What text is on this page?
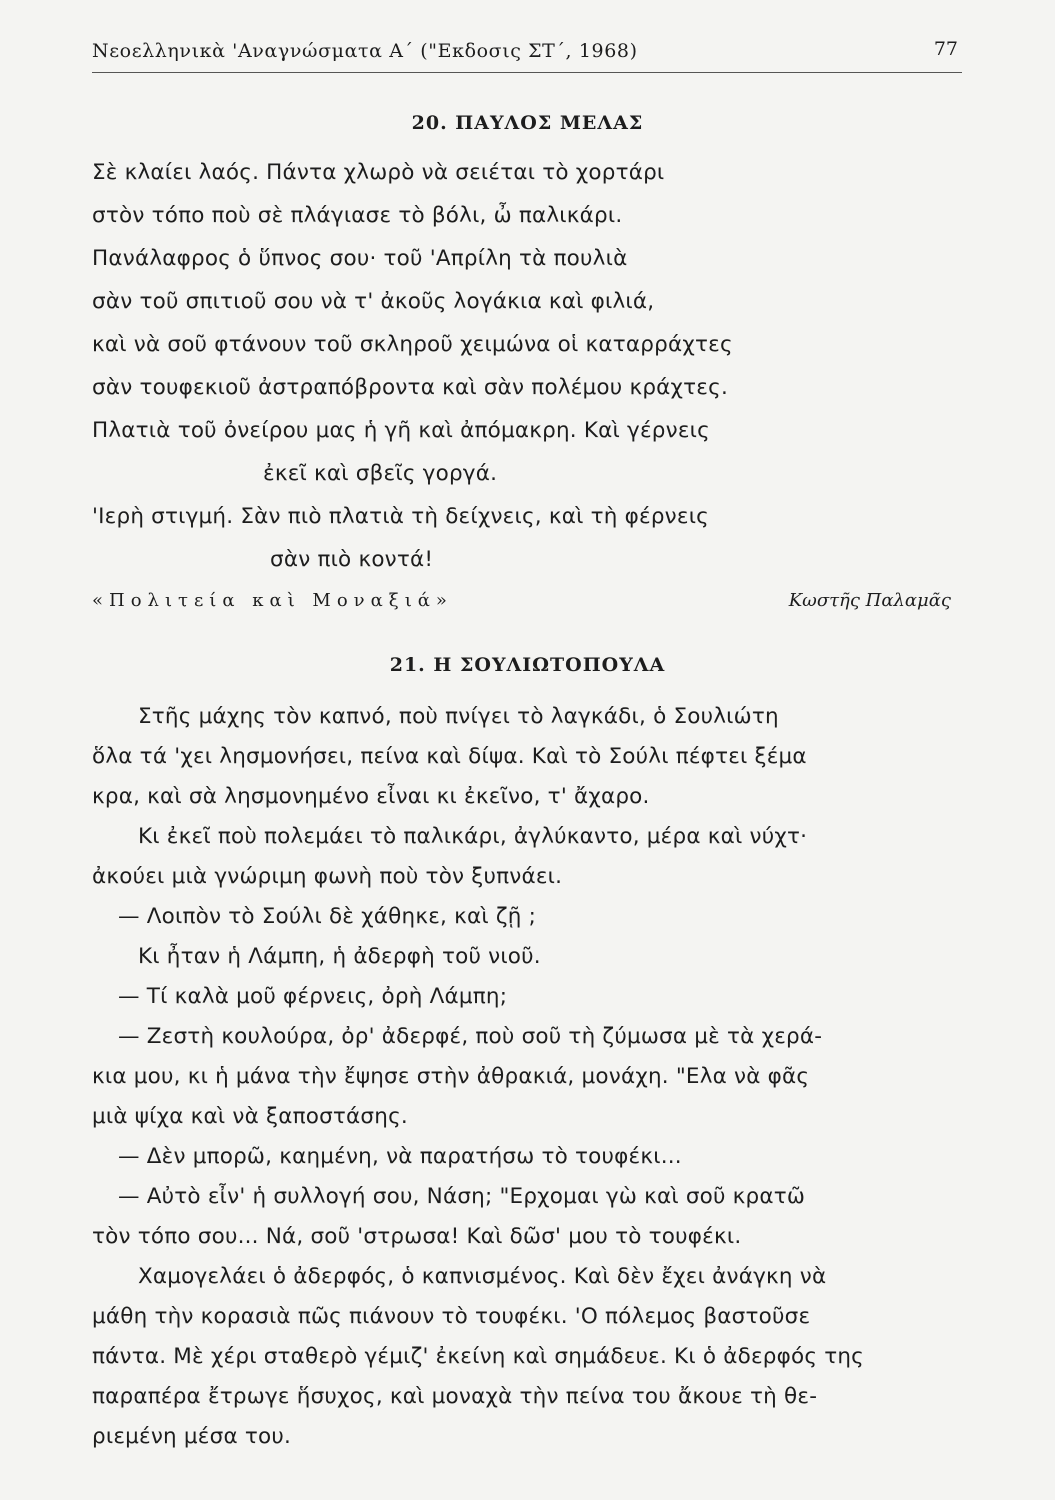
Νεοελληνικὰ 'Αναγνώσματα Α΄ ("Εκδοσις ΣΤ΄, 1968)	77
20. ΠΑΥΛΟΣ ΜΕΛΑΣ
Σὲ κλαίει λαός. Πάντα χλωρὸ νὰ σειέται τὸ χορτάρι
στὸν τόπο ποὺ σὲ πλάγιασε τὸ βόλι, ὦ παλικάρι.
Πανάλαφρος ὁ ὕπνος σου· τοῦ 'Απρίλη τὰ πουλιὰ
σὰν τοῦ σπιτιοῦ σου νὰ τ' ἀκοῦς λογάκια καὶ φιλιά,
καὶ νὰ σοῦ φτάνουν τοῦ σκληροῦ χειμώνα οἱ καταρράχτες
σὰν τουφεκιοῦ ἀστραπόβροντα καὶ σὰν πολέμου κράχτες.
Πλατιὰ τοῦ ὀνείρου μας ἡ γῆ καὶ ἀπόμακρη. Καὶ γέρνεις
ἐκεῖ καὶ σβεῖς γοργά.
'Ιερὴ στιγμή. Σὰν πιὸ πλατιὰ τὴ δείχνεις, καὶ τὴ φέρνεις
σὰν πιὸ κοντά!
«Πολιτεία καὶ Μοναξιά»	Κωστῆς Παλαμᾶς
21. Η ΣΟΥΛΙΩΤΟΠΟΥΛΑ
Στῆς μάχης τὸν καπνό, ποὺ πνίγει τὸ λαγκάδι, ὁ Σουλιώτη
ὅλα τά 'χει λησμονήσει, πείνα καὶ δίψα. Καὶ τὸ Σούλι πέφτει ξέμα
κρα, καὶ σὰ λησμονημένο εἶναι κι ἐκεῖνο, τ' ἄχαρο.
Κι ἐκεῖ ποὺ πολεμάει τὸ παλικάρι, ἀγλύκαντο, μέρα καὶ νύχτ·
ἀκούει μιὰ γνώριμη φωνὴ ποὺ τὸν ξυπνάει.
— Λοιπὸν τὸ Σούλι δὲ χάθηκε, καὶ ζῇ ;
Κι ἦταν ἡ Λάμπη, ἡ ἀδερφὴ τοῦ νιοῦ.
— Τί καλὰ μοῦ φέρνεις, ὀρὴ Λάμπη;
— Ζεστὴ κουλούρα, ὀρ' ἀδερφέ, ποὺ σοῦ τὴ ζύμωσα μὲ τὰ χερά-
κια μου, κι ἡ μάνα τὴν ἔψησε στὴν ἀθρακιά, μονάχη. "Ελα νὰ φᾶς
μιὰ ψίχα καὶ νὰ ξαποστάσης.
— Δὲν μπορῶ, καημένη, νὰ παρατήσω τὸ τουφέκι...
— Αὐτὸ εἶν' ἡ συλλογή σου, Νάση; "Ερχομαι γὼ καὶ σοῦ κρατῶ
τὸν τόπο σου... Νά, σοῦ 'στρωσα! Καὶ δῶσ' μου τὸ τουφέκι.
Χαμογελάει ὁ ἀδερφός, ὁ καπνισμένος. Καὶ δὲν ἔχει ἀνάγκη νὰ
μάθη τὴν κορασιὰ πῶς πιάνουν τὸ τουφέκι. 'Ο πόλεμος βαστοῦσε
πάντα. Μὲ χέρι σταθερὸ γέμιζ' ἐκείνη καὶ σημάδευε. Κι ὁ ἀδερφός της
παραπέρα ἔτρωγε ἥσυχος, καὶ μοναχὰ τὴν πείνα του ἄκουε τὴ θε-
ριεμένη μέσα του.
